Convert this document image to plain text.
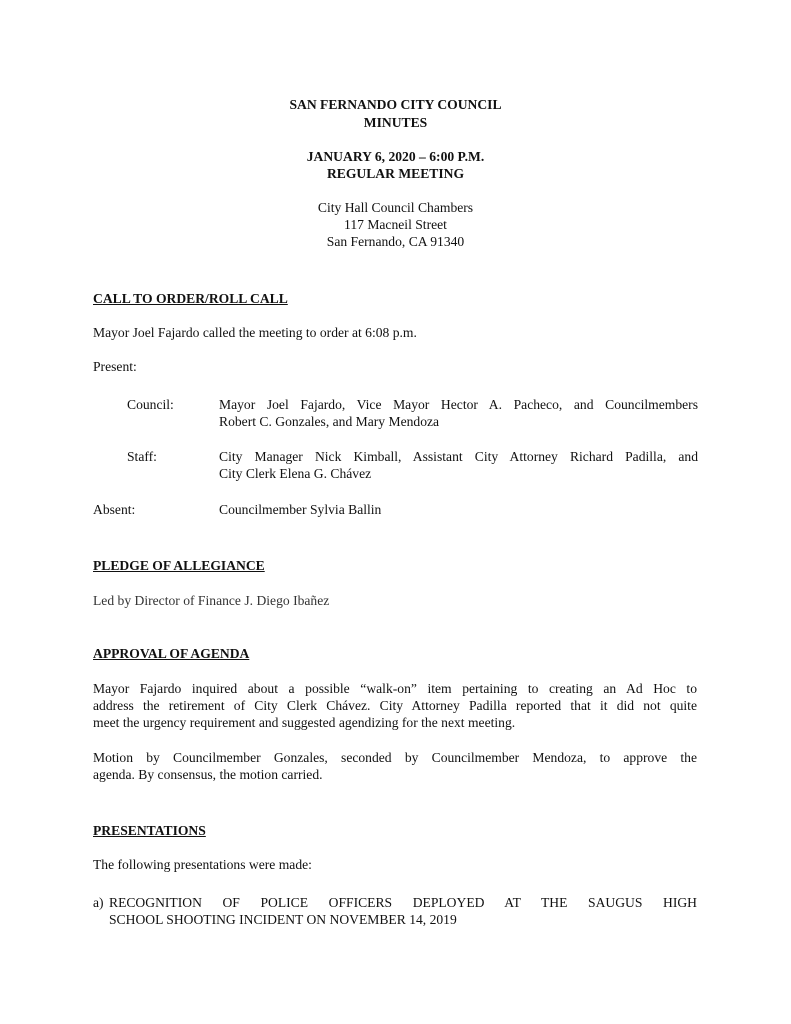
SAN FERNANDO CITY COUNCIL
MINUTES
JANUARY 6, 2020 – 6:00 P.M.
REGULAR MEETING
City Hall Council Chambers
117 Macneil Street
San Fernando, CA 91340
CALL TO ORDER/ROLL CALL
Mayor Joel Fajardo called the meeting to order at 6:08 p.m.
Present:
Council:	Mayor Joel Fajardo, Vice Mayor Hector A. Pacheco, and Councilmembers
Robert C. Gonzales, and Mary Mendoza
Staff:	City Manager Nick Kimball, Assistant City Attorney Richard Padilla, and
City Clerk Elena G. Chávez
Absent:	Councilmember Sylvia Ballin
PLEDGE OF ALLEGIANCE
Led by Director of Finance J. Diego Ibañez
APPROVAL OF AGENDA
Mayor Fajardo inquired about a possible “walk-on” item pertaining to creating an Ad Hoc to
address the retirement of City Clerk Chávez. City Attorney Padilla reported that it did not quite
meet the urgency requirement and suggested agendizing for the next meeting.
Motion by Councilmember Gonzales, seconded by Councilmember Mendoza, to approve the
agenda. By consensus, the motion carried.
PRESENTATIONS
The following presentations were made:
a) RECOGNITION OF POLICE OFFICERS DEPLOYED AT THE SAUGUS HIGH
SCHOOL SHOOTING INCIDENT ON NOVEMBER 14, 2019
